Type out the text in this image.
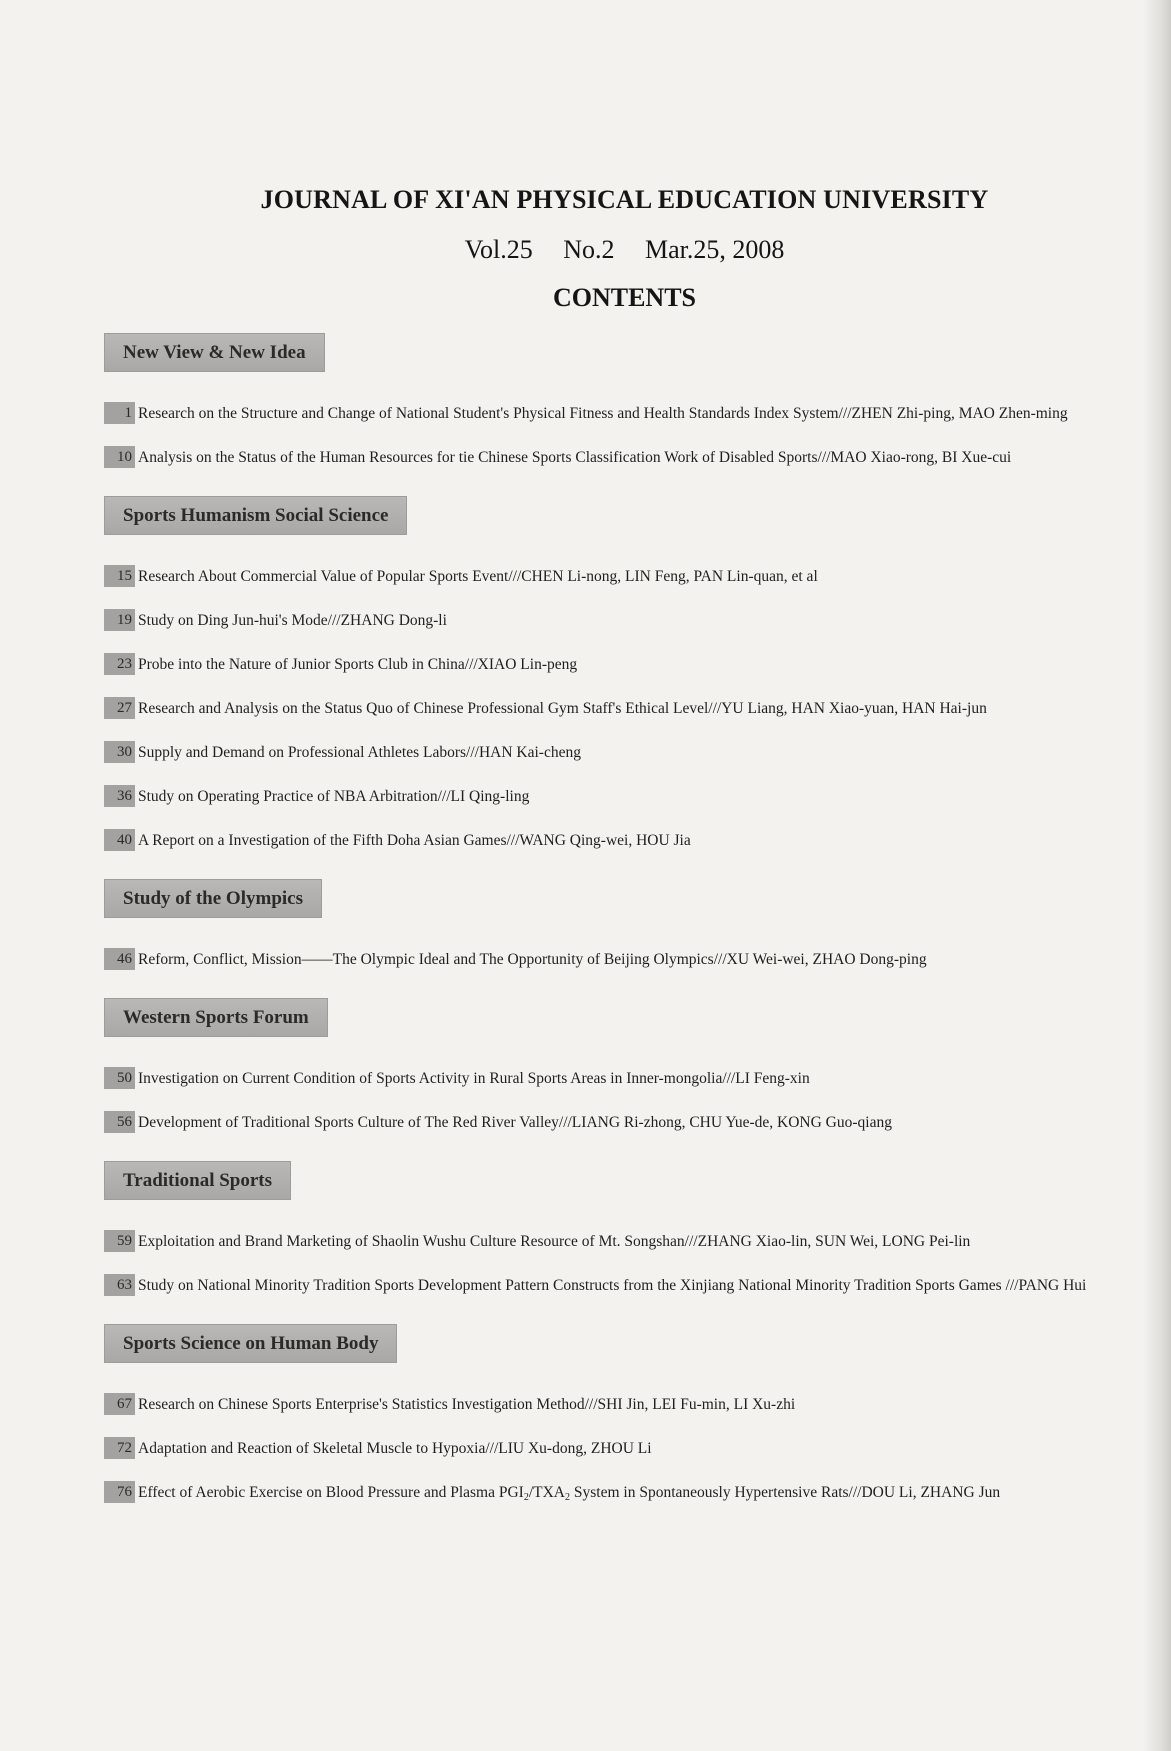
JOURNAL OF XI'AN PHYSICAL EDUCATION UNIVERSITY
Vol.25 No.2 Mar.25, 2008
CONTENTS
New View & New Idea
1 Research on the Structure and Change of National Student's Physical Fitness and Health Standards Index System///ZHEN Zhi-ping, MAO Zhen-ming
10 Analysis on the Status of the Human Resources for tie Chinese Sports Classification Work of Disabled Sports///MAO Xiao-rong, BI Xue-cui
Sports Humanism Social Science
15 Research About Commercial Value of Popular Sports Event///CHEN Li-nong, LIN Feng, PAN Lin-quan, et al
19 Study on Ding Jun-hui's Mode///ZHANG Dong-li
23 Probe into the Nature of Junior Sports Club in China///XIAO Lin-peng
27 Research and Analysis on the Status Quo of Chinese Professional Gym Staff's Ethical Level///YU Liang, HAN Xiao-yuan, HAN Hai-jun
30 Supply and Demand on Professional Athletes Labors///HAN Kai-cheng
36 Study on Operating Practice of NBA Arbitration///LI Qing-ling
40 A Report on a Investigation of the Fifth Doha Asian Games///WANG Qing-wei, HOU Jia
Study of the Olympics
46 Reform, Conflict, Mission——The Olympic Ideal and The Opportunity of Beijing Olympics///XU Wei-wei, ZHAO Dong-ping
Western Sports Forum
50 Investigation on Current Condition of Sports Activity in Rural Sports Areas in Inner-mongolia///LI Feng-xin
56 Development of Traditional Sports Culture of The Red River Valley///LIANG Ri-zhong, CHU Yue-de, KONG Guo-qiang
Traditional Sports
59 Exploitation and Brand Marketing of Shaolin Wushu Culture Resource of Mt. Songshan///ZHANG Xiao-lin, SUN Wei, LONG Pei-lin
63 Study on National Minority Tradition Sports Development Pattern Constructs from the Xinjiang National Minority Tradition Sports Games ///PANG Hui
Sports Science on Human Body
67 Research on Chinese Sports Enterprise's Statistics Investigation Method///SHI Jin, LEI Fu-min, LI Xu-zhi
72 Adaptation and Reaction of Skeletal Muscle to Hypoxia///LIU Xu-dong, ZHOU Li
76 Effect of Aerobic Exercise on Blood Pressure and Plasma $PGI_2/TXA_2$ System in Spontaneously Hypertensive Rats///DOU Li, ZHANG Jun
